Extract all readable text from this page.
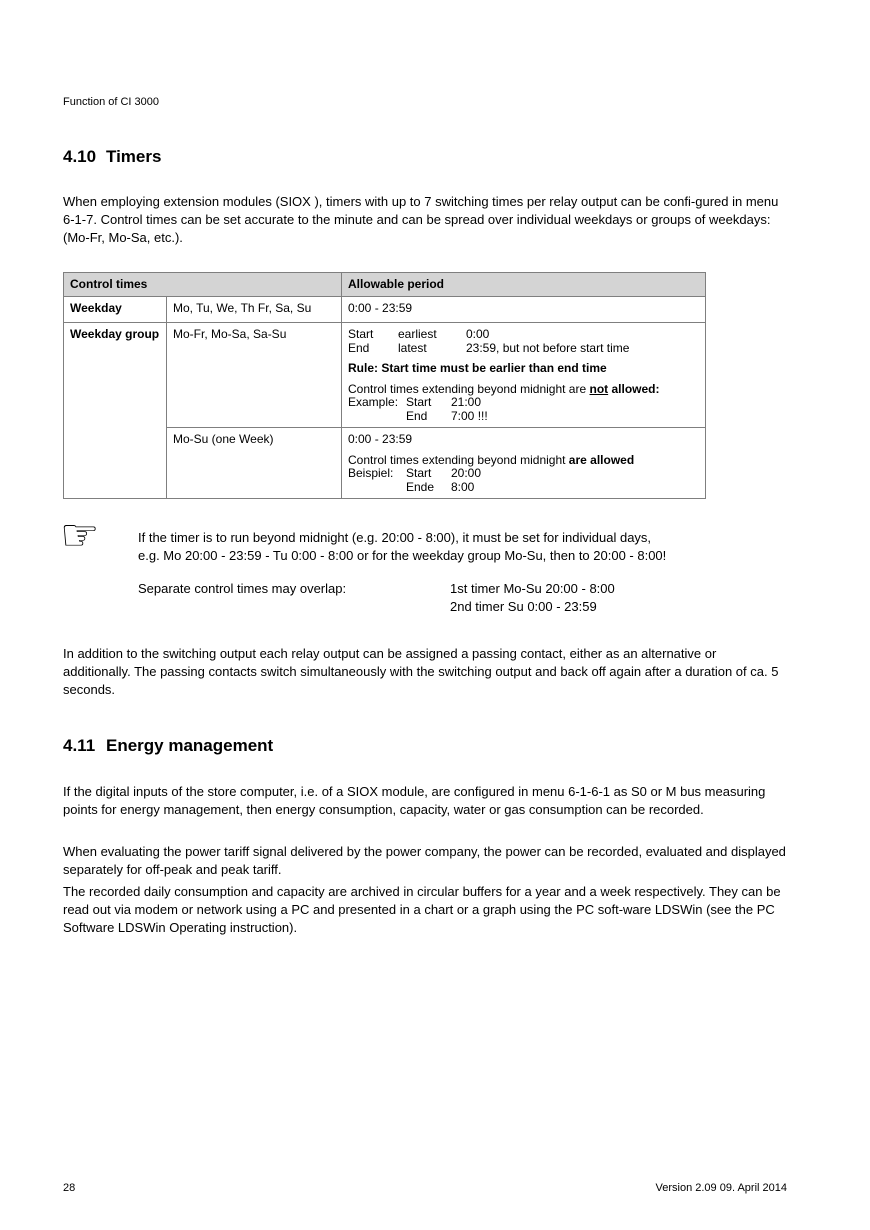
Function of CI 3000
4.10 Timers
When employing extension modules (SIOX ), timers with up to 7 switching times per relay output can be confi-gured in menu 6-1-7. Control times can be set accurate to the minute and can be spread over individual weekdays or groups of weekdays: (Mo-Fr, Mo-Sa, etc.).
Control times		Allowable period
Weekday	Mo, Tu, We, Th Fr, Sa, Su	0:00 - 23:59
Weekday group	Mo-Fr, Mo-Sa, Sa-Su	Start	earliest	0:00
End	latest	23:59, but not before start time
Rule: Start time must be earlier than end time
Control times extending beyond midnight are not allowed:
Example: Start	21:00
End	7:00 !!!

Mo-Su (one Week)	0:00 - 23:59
Control times extending beyond midnight are allowed
Beispiel:	Start	20:00
Ende	8:00
☞	If the timer is to run beyond midnight (e.g. 20:00 - 8:00), it must be set for individual days,
e.g. Mo 20:00 - 23:59 - Tu 0:00 - 8:00 or for the weekday group Mo-Su, then to 20:00 - 8:00!
Separate control times may overlap:	1st timer Mo-Su 20:00 - 8:00
2nd timer Su 0:00 - 23:59
In addition to the switching output each relay output can be assigned a passing contact, either as an alternative or additionally. The passing contacts switch simultaneously with the switching output and back off again after a duration of ca. 5 seconds.
4.11 Energy management
If the digital inputs of the store computer, i.e. of a SIOX module, are configured in menu 6-1-6-1 as S0 or M bus measuring points for energy management, then energy consumption, capacity, water or gas consumption can be recorded.
When evaluating the power tariff signal delivered by the power company, the power can be recorded, evaluated and displayed separately for off-peak and peak tariff.
The recorded daily consumption and capacity are archived in circular buffers for a year and a week respectively. They can be read out via modem or network using a PC and presented in a chart or a graph using the PC soft-ware LDSWin (see the PC Software LDSWin Operating instruction).
28	Version 2.09 09. April 2014
